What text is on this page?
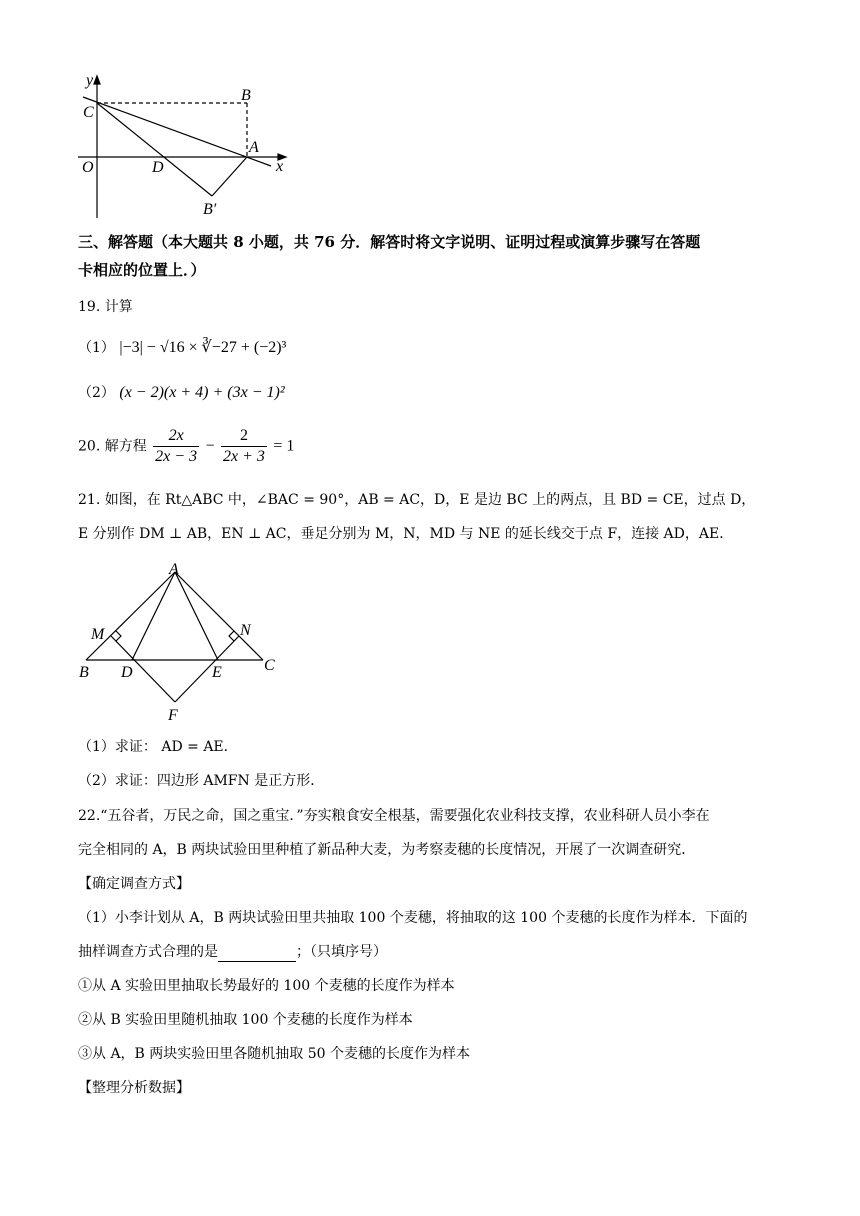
y
x
O
C
B
A
D
B′
三、解答题（本大题共 8 小题，共 76 分．解答时将文字说明、证明过程或演算步骤写在答题
卡相应的位置上．）
19. 计算
（1） |−3| − √16 × ∛−27 + (−2)³
（2） (x − 2)(x + 4) + (3x − 1)²
20. 解方程 $\frac{2x}{2x - 3} - \frac{2}{2x + 3} = 1$
21. 如图，在 Rt△ABC 中，∠BAC = 90°，AB = AC，D，E 是边 BC 上的两点，且 BD = CE，过点 D，
E 分别作 DM ⊥ AB，EN ⊥ AC，垂足分别为 M，N，MD 与 NE 的延长线交于点 F，连接 AD，AE．
A
M	N
B D	E	C
F
（1）求证： AD = AE．
（2）求证：四边形 AMFN 是正方形．
22.“五谷者，万民之命，国之重宝．”夯实粮食安全根基，需要强化农业科技支撑，农业科研人员小李在
完全相同的 A，B 两块试验田里种植了新品种大麦，为考察麦穗的长度情况，开展了一次调查研究．
【确定调查方式】
（1）小李计划从 A，B 两块试验田里共抽取 100 个麦穗，将抽取的这 100 个麦穗的长度作为样本．下面的
抽样调查方式合理的是	；（只填序号）
①从 A 实验田里抽取长势最好的 100 个麦穗的长度作为样本
②从 B 实验田里随机抽取 100 个麦穗的长度作为样本
③从 A，B 两块实验田里各随机抽取 50 个麦穗的长度作为样本
【整理分析数据】
